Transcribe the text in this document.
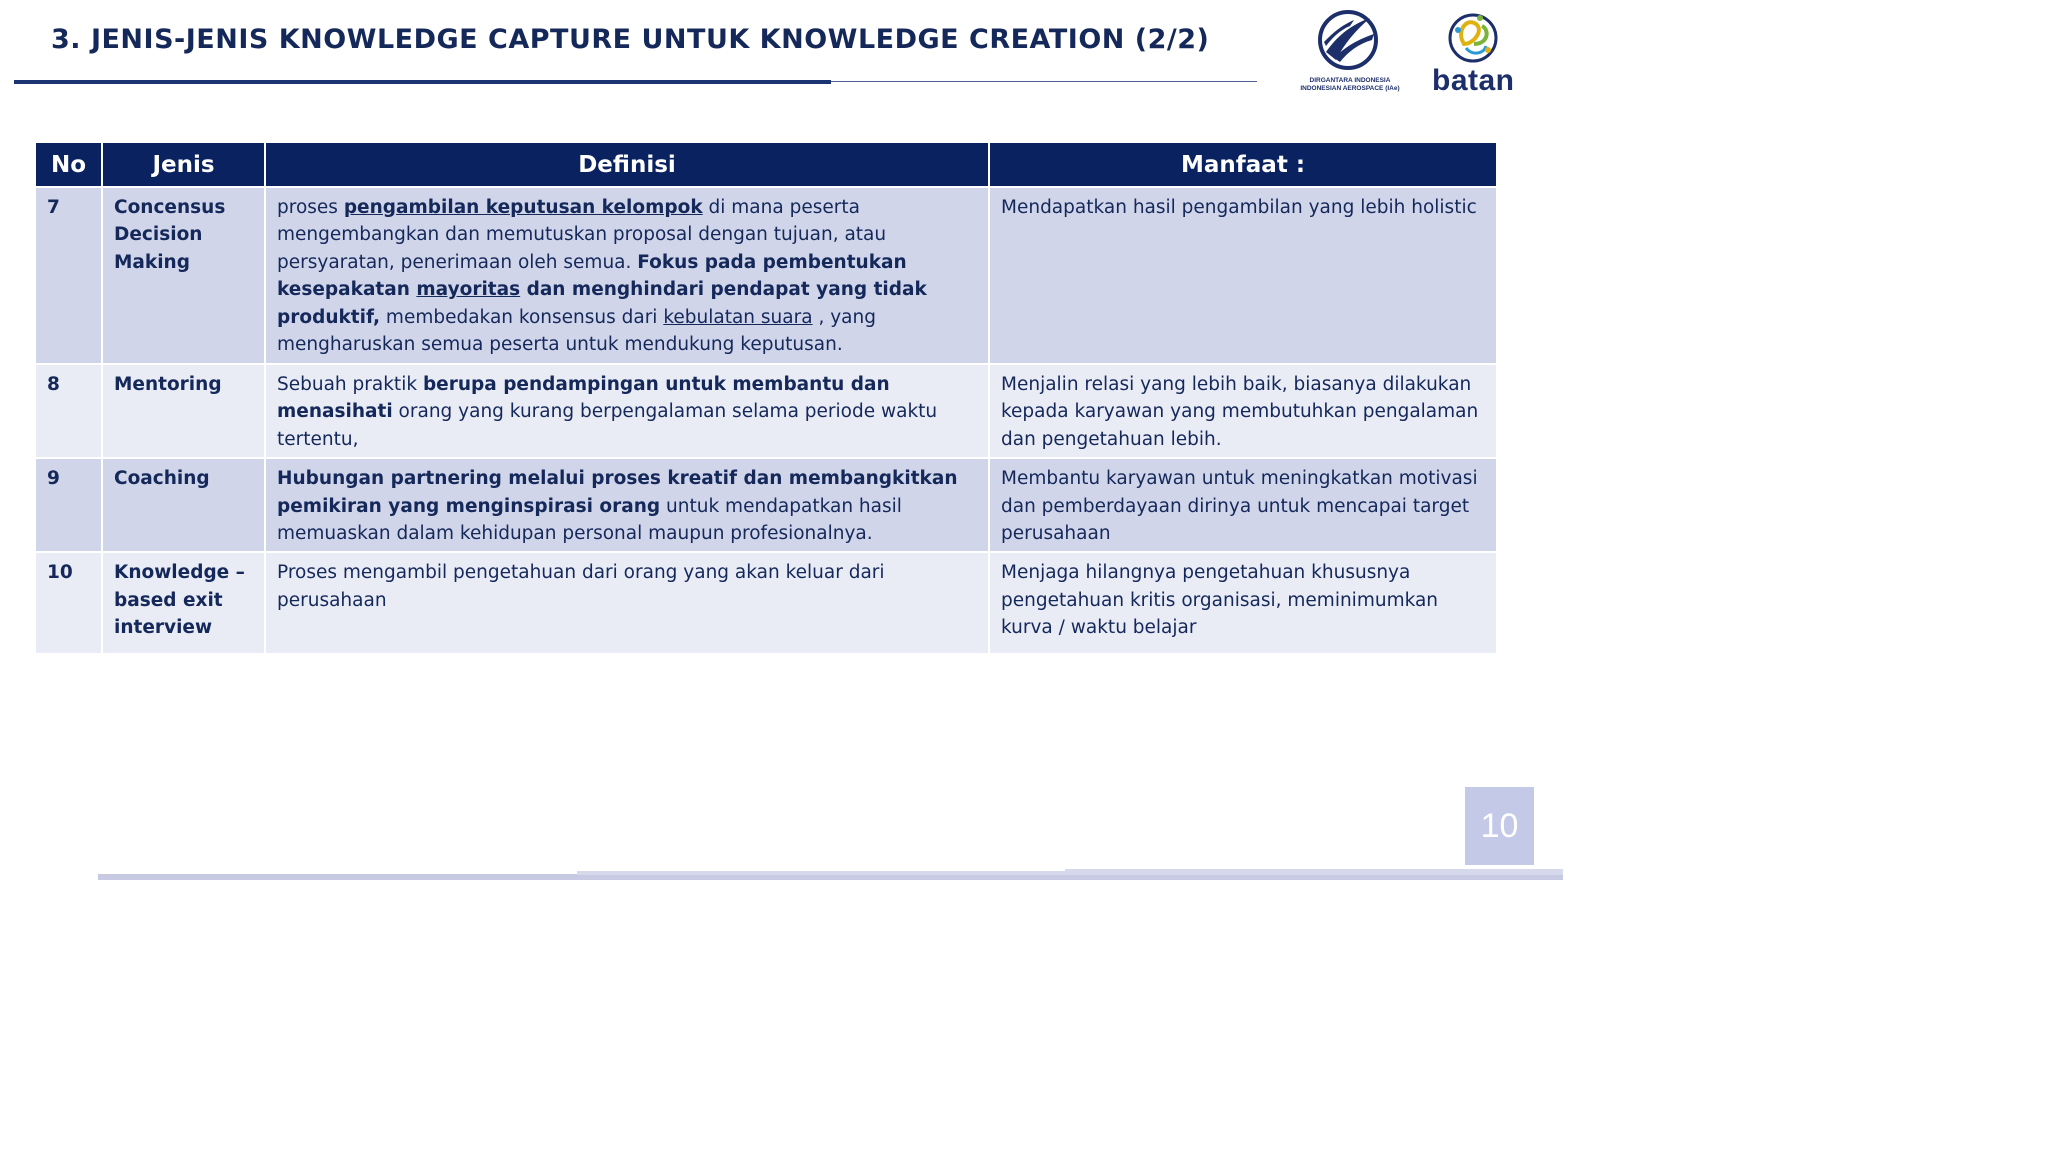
3. JENIS-JENIS KNOWLEDGE CAPTURE UNTUK KNOWLEDGE CREATION (2/2)
DIRGANTARA INDONESIA
INDONESIAN AEROSPACE (IAe) batan
No	Jenis	Definisi	Manfaat :
7	Concensus Decision Making	proses pengambilan keputusan kelompok di mana peserta mengembangkan dan memutuskan proposal dengan tujuan, atau persyaratan, penerimaan oleh semua. Fokus pada pembentukan kesepakatan mayoritas dan menghindari pendapat yang tidak produktif, membedakan konsensus dari kebulatan suara , yang mengharuskan semua peserta untuk mendukung keputusan.	Mendapatkan hasil pengambilan yang lebih holistic
8	Mentoring	Sebuah praktik berupa pendampingan untuk membantu dan menasihati orang yang kurang berpengalaman selama periode waktu tertentu,	Menjalin relasi yang lebih baik, biasanya dilakukan kepada karyawan yang membutuhkan pengalaman dan pengetahuan lebih.
9	Coaching	Hubungan partnering melalui proses kreatif dan membangkitkan pemikiran yang menginspirasi orang untuk mendapatkan hasil memuaskan dalam kehidupan personal maupun profesionalnya.	Membantu karyawan untuk meningkatkan motivasi dan pemberdayaan dirinya untuk mencapai target perusahaan
10	Knowledge – based exit interview	Proses mengambil pengetahuan dari orang yang akan keluar dari perusahaan	Menjaga hilangnya pengetahuan khususnya pengetahuan kritis organisasi, meminimumkan kurva / waktu belajar
10
